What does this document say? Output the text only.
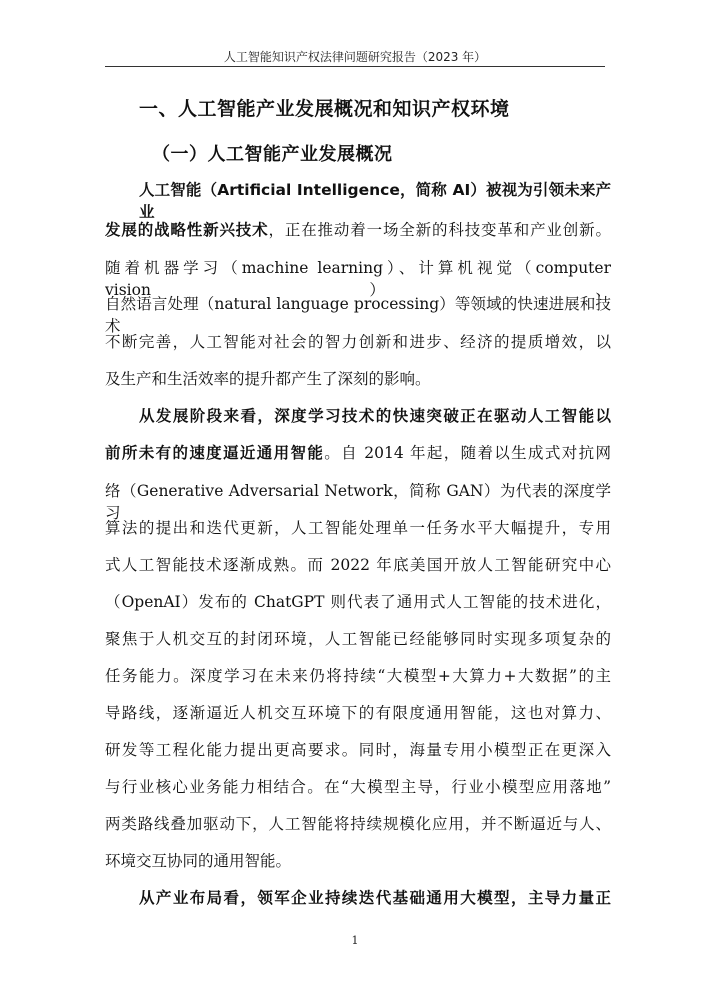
人工智能知识产权法律问题研究报告（2023 年）
一、人工智能产业发展概况和知识产权环境
（一）人工智能产业发展概况
人工智能（Artificial Intelligence，简称 AI）被视为引领未来产业
发展的战略性新兴技术，正在推动着一场全新的科技变革和产业创新。
随着机器学习（machine learning）、计算机视觉（computer vision）、
自然语言处理（natural language processing）等领域的快速进展和技术
不断完善，人工智能对社会的智力创新和进步、经济的提质增效，以
及生产和生活效率的提升都产生了深刻的影响。
从发展阶段来看，深度学习技术的快速突破正在驱动人工智能以
前所未有的速度逼近通用智能。自 2014 年起，随着以生成式对抗网
络（Generative Adversarial Network，简称 GAN）为代表的深度学习
算法的提出和迭代更新，人工智能处理单一任务水平大幅提升，专用
式人工智能技术逐渐成熟。而 2022 年底美国开放人工智能研究中心
（OpenAI）发布的 ChatGPT 则代表了通用式人工智能的技术进化，
聚焦于人机交互的封闭环境，人工智能已经能够同时实现多项复杂的
任务能力。深度学习在未来仍将持续“大模型+大算力+大数据”的主
导路线，逐渐逼近人机交互环境下的有限度通用智能，这也对算力、
研发等工程化能力提出更高要求。同时，海量专用小模型正在更深入
与行业核心业务能力相结合。在“大模型主导，行业小模型应用落地”
两类路线叠加驱动下，人工智能将持续规模化应用，并不断逼近与人、
环境交互协同的通用智能。
从产业布局看，领军企业持续迭代基础通用大模型，主导力量正
1
